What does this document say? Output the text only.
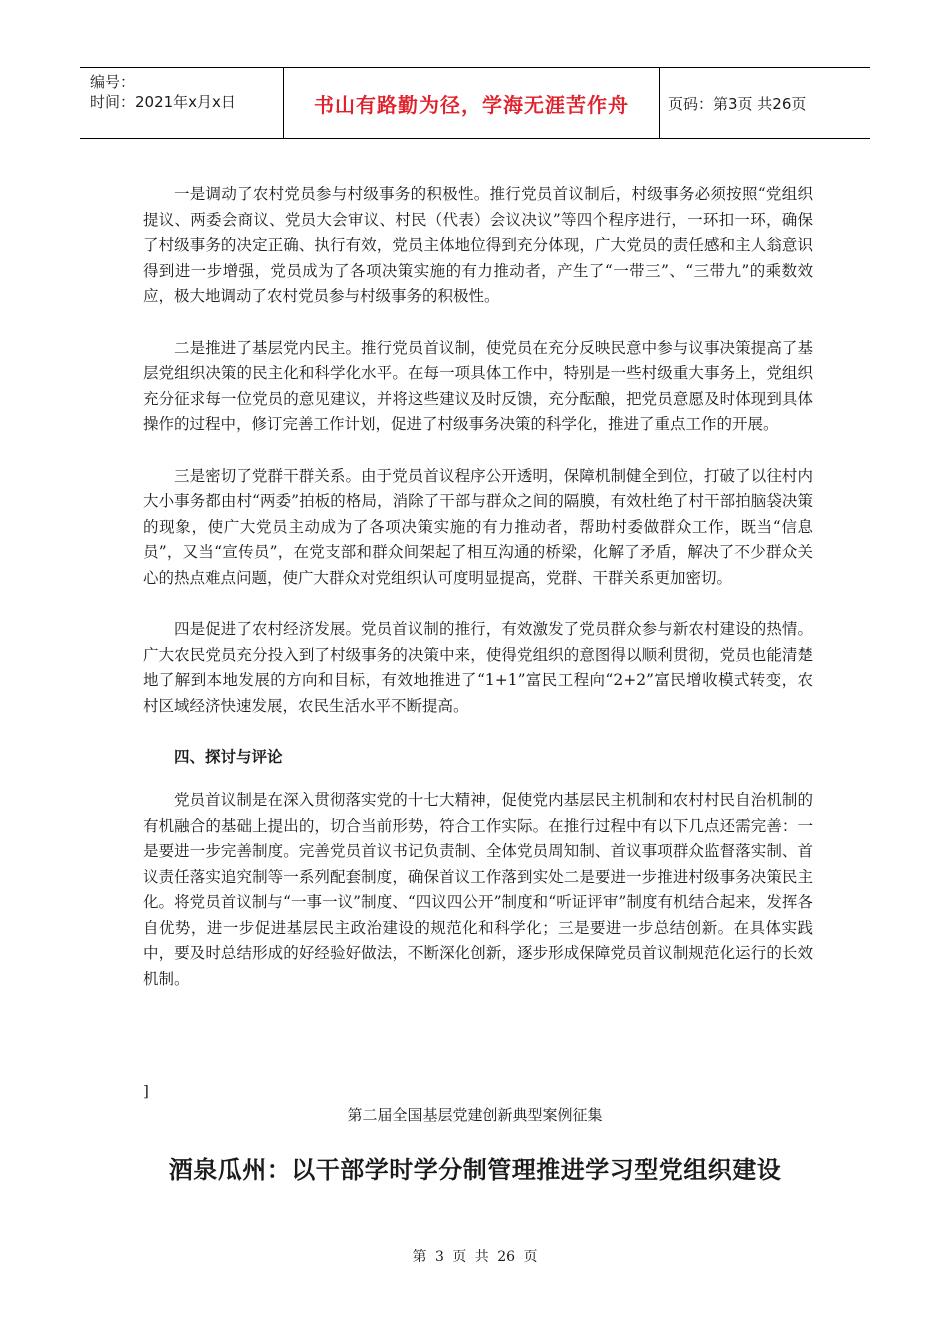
编号：
时间：2021年x月x日	书山有路勤为径，学海无涯苦作舟	页码：第3页 共26页

一是调动了农村党员参与村级事务的积极性。推行党员首议制后，村级事务必须按照“党组织提议、两委会商议、党员大会审议、村民（代表）会议决议”等四个程序进行，一环扣一环，确保了村级事务的决定正确、执行有效，党员主体地位得到充分体现，广大党员的责任感和主人翁意识得到进一步增强，党员成为了各项决策实施的有力推动者，产生了“一带三”、“三带九”的乘数效应，极大地调动了农村党员参与村级事务的积极性。

二是推进了基层党内民主。推行党员首议制，使党员在充分反映民意中参与议事决策提高了基层党组织决策的民主化和科学化水平。在每一项具体工作中，特别是一些村级重大事务上，党组织充分征求每一位党员的意见建议，并将这些建议及时反馈，充分酝酿，把党员意愿及时体现到具体操作的过程中，修订完善工作计划，促进了村级事务决策的科学化，推进了重点工作的开展。

三是密切了党群干群关系。由于党员首议程序公开透明，保障机制健全到位，打破了以往村内大小事务都由村“两委”拍板的格局，消除了干部与群众之间的隔膜，有效杜绝了村干部拍脑袋决策的现象，使广大党员主动成为了各项决策实施的有力推动者，帮助村委做群众工作，既当“信息员”，又当“宣传员”，在党支部和群众间架起了相互沟通的桥梁，化解了矛盾，解决了不少群众关心的热点难点问题，使广大群众对党组织认可度明显提高，党群、干群关系更加密切。

四是促进了农村经济发展。党员首议制的推行，有效激发了党员群众参与新农村建设的热情。广大农民党员充分投入到了村级事务的决策中来，使得党组织的意图得以顺利贯彻，党员也能清楚地了解到本地发展的方向和目标，有效地推进了“1+1”富民工程向“2+2”富民增收模式转变，农村区域经济快速发展，农民生活水平不断提高。

四、探讨与评论

党员首议制是在深入贯彻落实党的十七大精神，促使党内基层民主机制和农村村民自治机制的有机融合的基础上提出的，切合当前形势，符合工作实际。在推行过程中有以下几点还需完善：一是要进一步完善制度。完善党员首议书记负责制、全体党员周知制、首议事项群众监督落实制、首议责任落实追究制等一系列配套制度，确保首议工作落到实处二是要进一步推进村级事务决策民主化。将党员首议制与“一事一议”制度、“四议四公开”制度和“听证评审”制度有机结合起来，发挥各自优势，进一步促进基层民主政治建设的规范化和科学化；三是要进一步总结创新。在具体实践中，要及时总结形成的好经验好做法，不断深化创新，逐步形成保障党员首议制规范化运行的长效机制。

]
第二届全国基层党建创新典型案例征集
酒泉瓜州：以干部学时学分制管理推进学习型党组织建设
第 3 页 共 26 页
